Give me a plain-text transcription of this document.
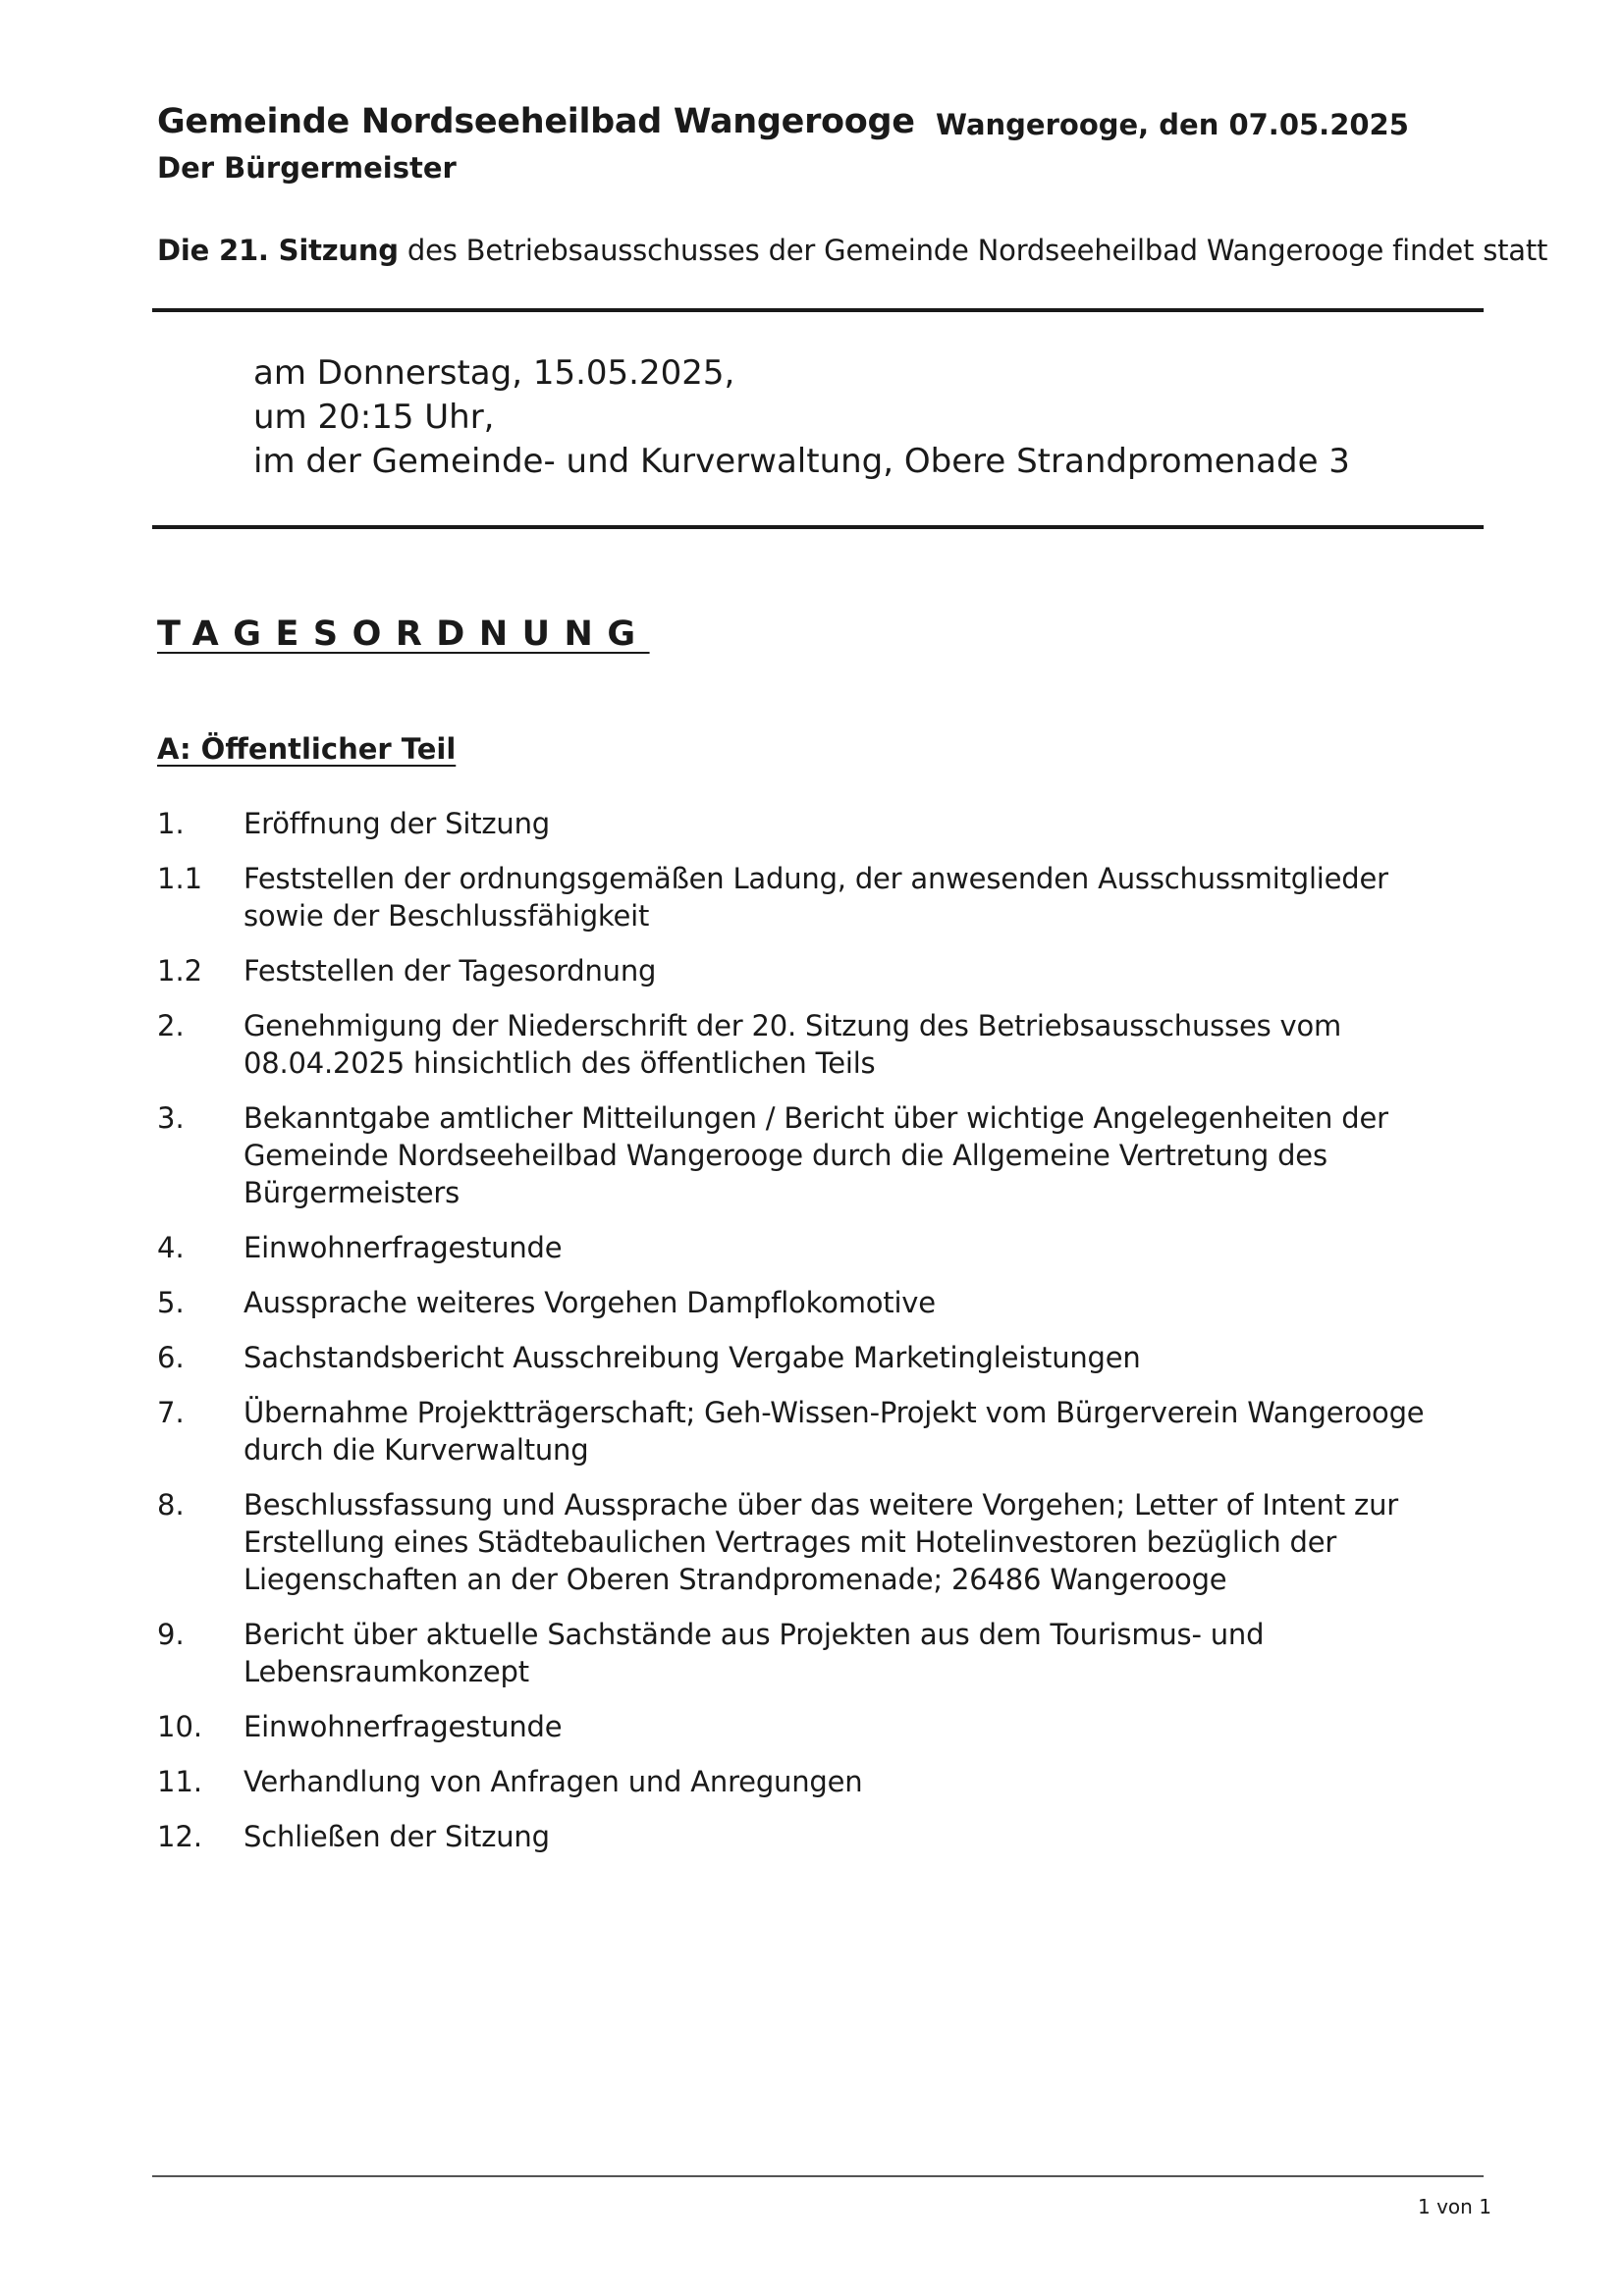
Gemeinde Nordseeheilbad Wangerooge
Der Bürgermeister
Wangerooge, den 07.05.2025
Die 21. Sitzung des Betriebsausschusses der Gemeinde Nordseeheilbad Wangerooge findet statt
am Donnerstag, 15.05.2025,
um 20:15 Uhr,
im der Gemeinde- und Kurverwaltung, Obere Strandpromenade 3
TAGESORDNUNG
A: Öffentlicher Teil
1.	Eröffnung der Sitzung
1.1	Feststellen der ordnungsgemäßen Ladung, der anwesenden Ausschussmitglieder sowie der Beschlussfähigkeit
1.2	Feststellen der Tagesordnung
2.	Genehmigung der Niederschrift der 20. Sitzung des Betriebsausschusses vom 08.04.2025 hinsichtlich des öffentlichen Teils
3.	Bekanntgabe amtlicher Mitteilungen / Bericht über wichtige Angelegenheiten der Gemeinde Nordseeheilbad Wangerooge durch die Allgemeine Vertretung des Bürgermeisters
4.	Einwohnerfragestunde
5.	Aussprache weiteres Vorgehen Dampflokomotive
6.	Sachstandsbericht Ausschreibung Vergabe Marketingleistungen
7.	Übernahme Projektträgerschaft; Geh-Wissen-Projekt vom Bürgerverein Wangerooge durch die Kurverwaltung
8.	Beschlussfassung und Aussprache über das weitere Vorgehen; Letter of Intent zur Erstellung eines Städtebaulichen Vertrages mit Hotelinvestoren bezüglich der Liegenschaften an der Oberen Strandpromenade; 26486 Wangerooge
9.	Bericht über aktuelle Sachstände aus Projekten aus dem Tourismus- und Lebensraumkonzept
10.	Einwohnerfragestunde
11.	Verhandlung von Anfragen und Anregungen
12.	Schließen der Sitzung
1 von 1
